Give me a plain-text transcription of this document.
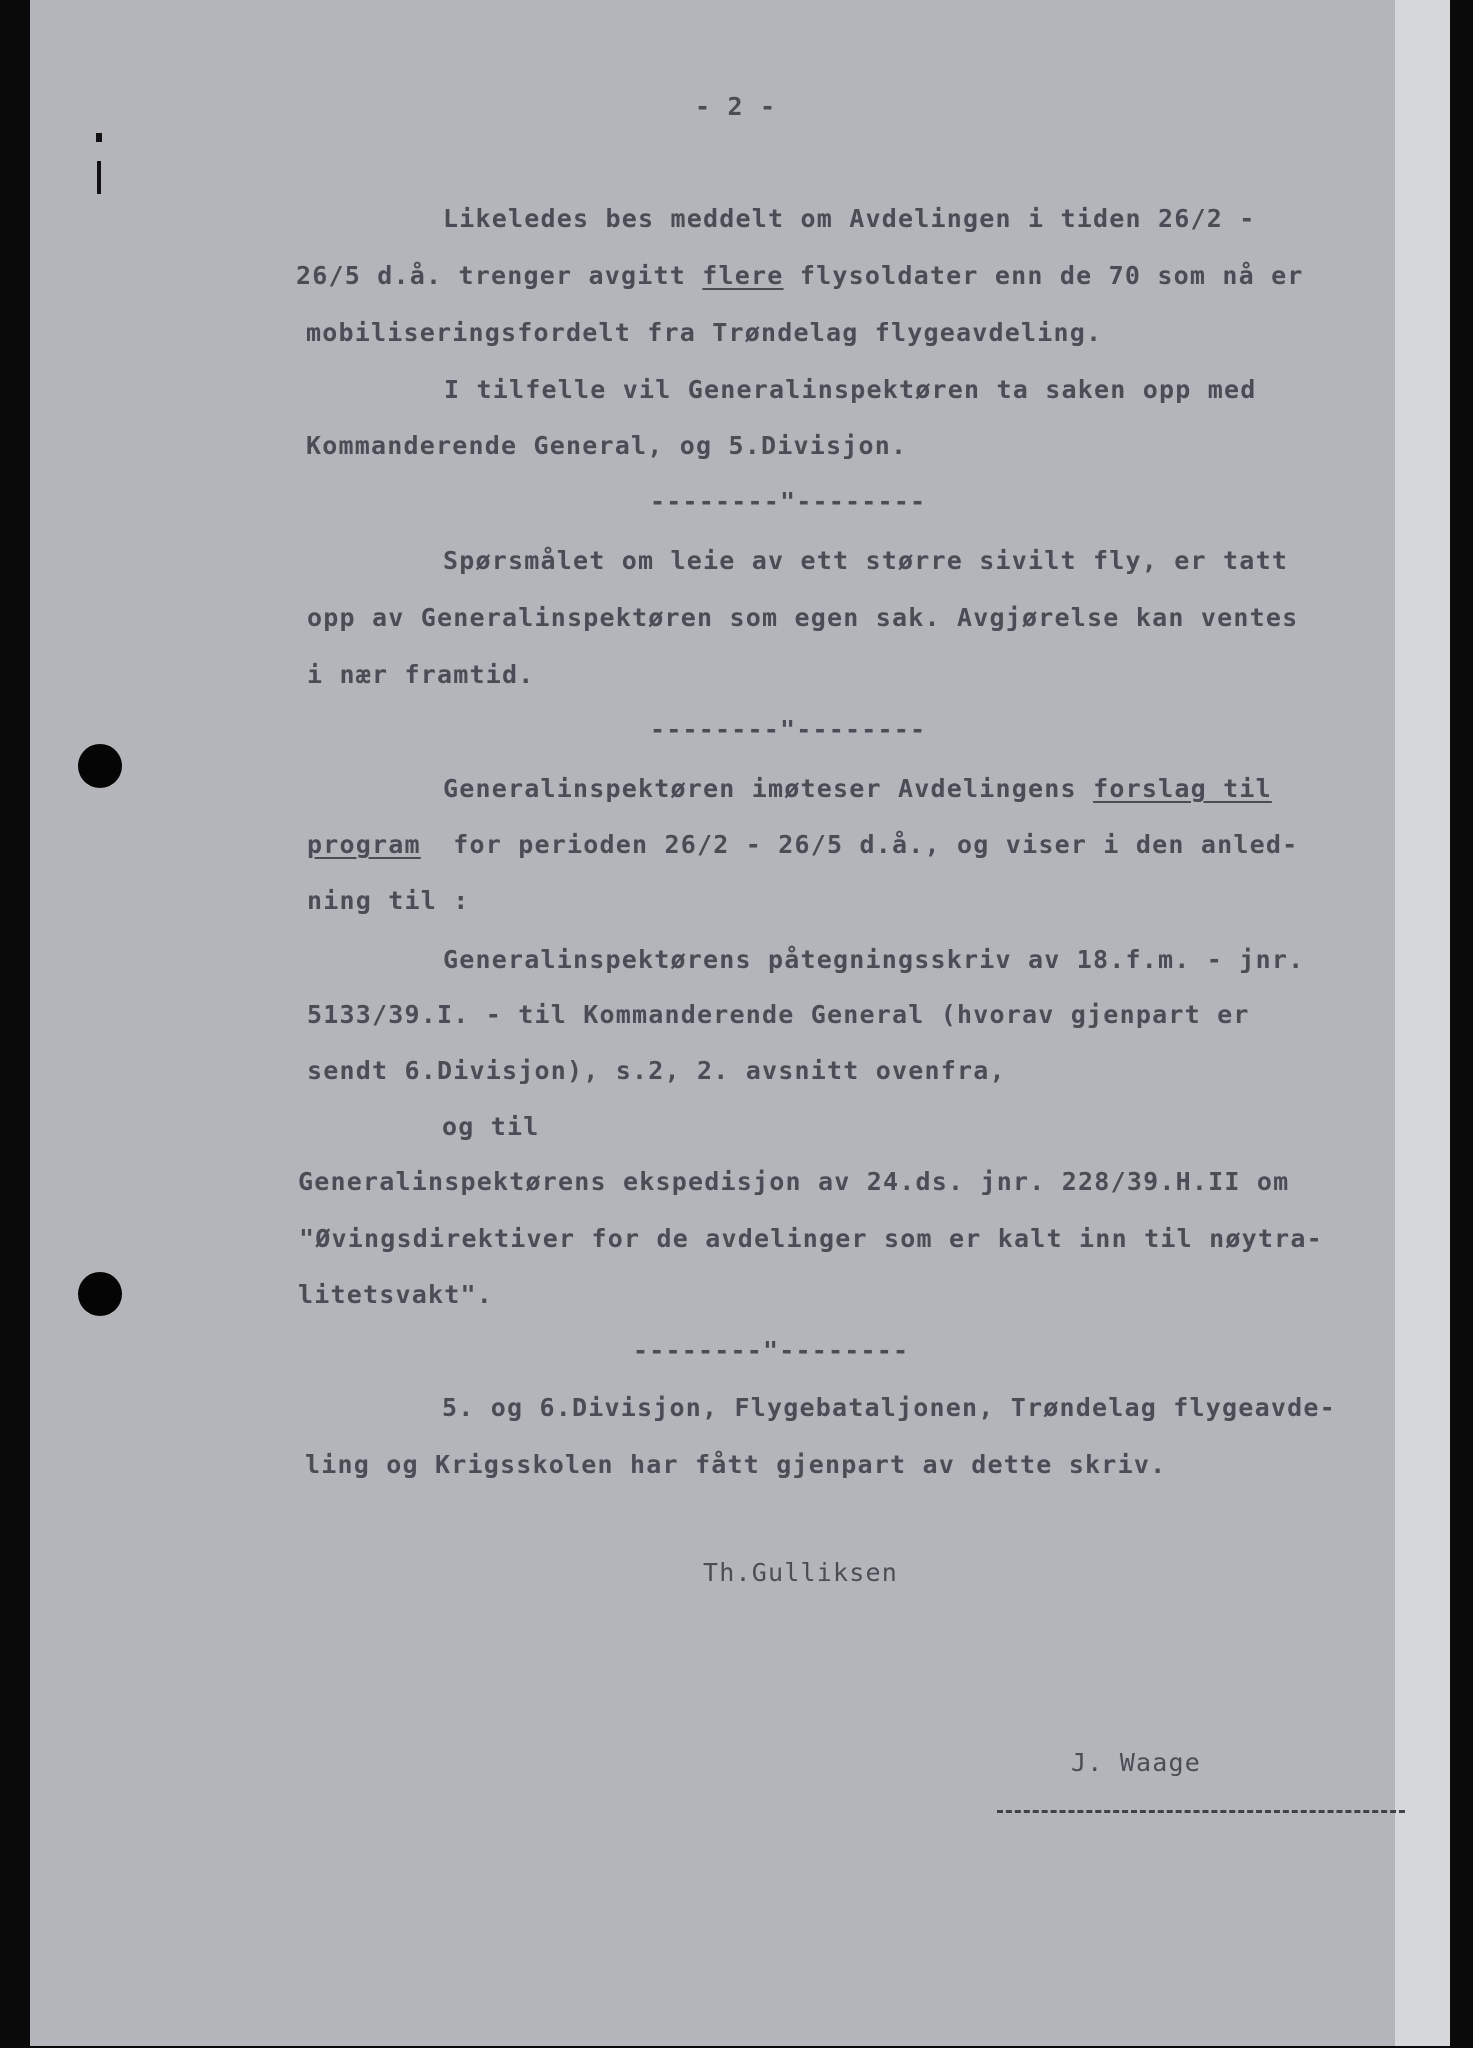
- 2 -
Likeledes bes meddelt om Avdelingen i tiden 26/2 -
26/5 d.å. trenger avgitt flere flysoldater enn de 70 som nå er
mobiliseringsfordelt fra Trøndelag flygeavdeling.
I tilfelle vil Generalinspektøren ta saken opp med
Kommanderende General, og 5.Divisjon.
--------"--------
Spørsmålet om leie av ett større sivilt fly, er tatt
opp av Generalinspektøren som egen sak. Avgjørelse kan ventes
i nær framtid.
--------"--------
Generalinspektøren imøteser Avdelingens forslag til
program  for perioden 26/2 - 26/5 d.å., og viser i den anled-
ning til :
Generalinspektørens påtegningsskriv av 18.f.m. - jnr.
5133/39.I. - til Kommanderende General (hvorav gjenpart er
sendt 6.Divisjon), s.2, 2. avsnitt ovenfra,
og til
Generalinspektørens ekspedisjon av 24.ds. jnr. 228/39.H.II om
"Øvingsdirektiver for de avdelinger som er kalt inn til nøytra-
litetsvakt".
--------"--------
5. og 6.Divisjon, Flygebataljonen, Trøndelag flygeavde-
ling og Krigsskolen har fått gjenpart av dette skriv.
Th.Gulliksen
J. Waage
